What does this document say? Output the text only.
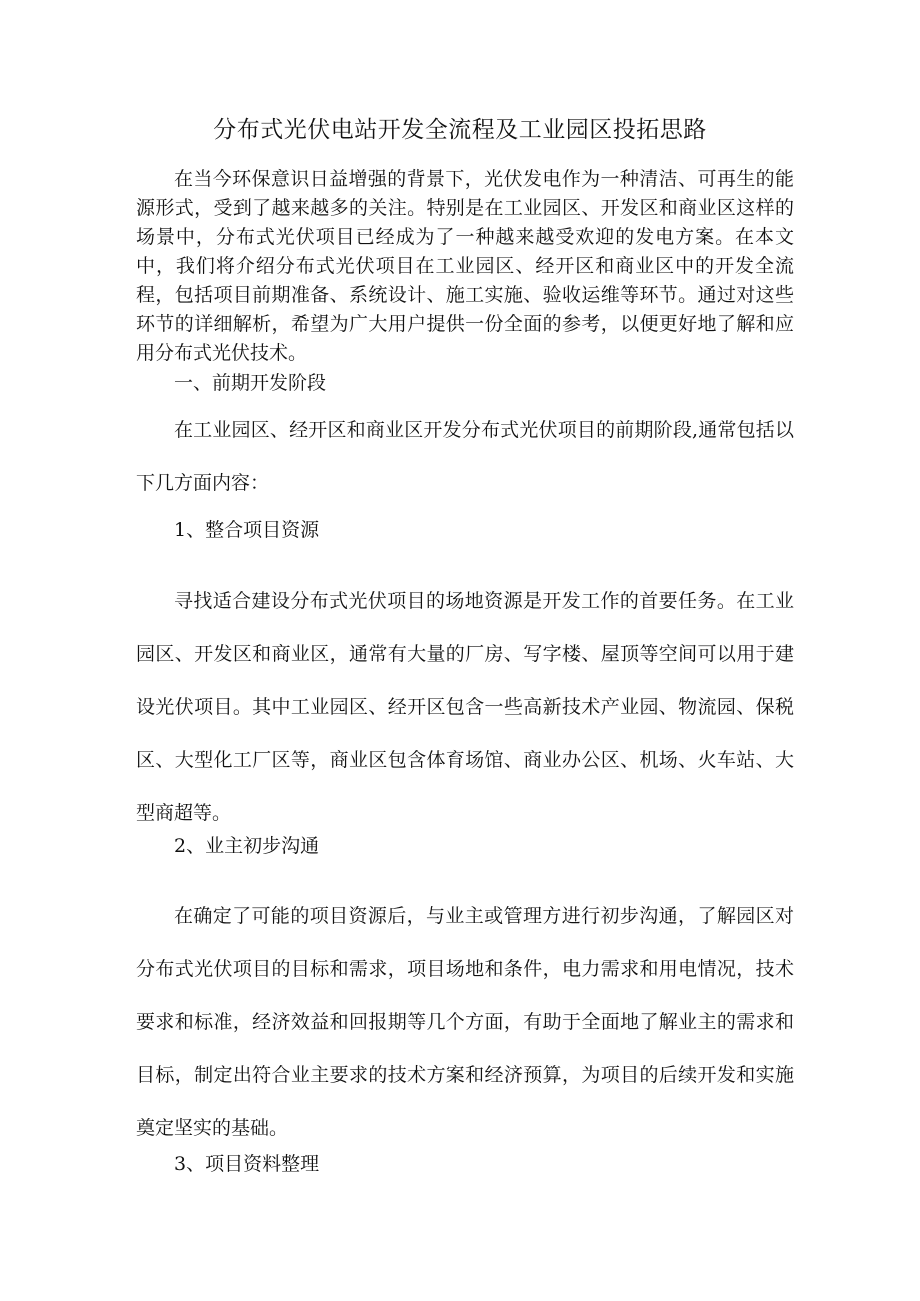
分布式光伏电站开发全流程及工业园区投拓思路

在当今环保意识日益增强的背景下，光伏发电作为一种清洁、可再生的能源形式，受到了越来越多的关注。特别是在工业园区、开发区和商业区这样的场景中，分布式光伏项目已经成为了一种越来越受欢迎的发电方案。在本文中，我们将介绍分布式光伏项目在工业园区、经开区和商业区中的开发全流程，包括项目前期准备、系统设计、施工实施、验收运维等环节。通过对这些环节的详细解析，希望为广大用户提供一份全面的参考，以便更好地了解和应用分布式光伏技术。

一、前期开发阶段

在工业园区、经开区和商业区开发分布式光伏项目的前期阶段,通常包括以下几方面内容：

1、整合项目资源

寻找适合建设分布式光伏项目的场地资源是开发工作的首要任务。在工业园区、开发区和商业区，通常有大量的厂房、写字楼、屋顶等空间可以用于建设光伏项目。其中工业园区、经开区包含一些高新技术产业园、物流园、保税区、大型化工厂区等，商业区包含体育场馆、商业办公区、机场、火车站、大型商超等。

2、业主初步沟通

在确定了可能的项目资源后，与业主或管理方进行初步沟通，了解园区对分布式光伏项目的目标和需求，项目场地和条件，电力需求和用电情况，技术要求和标准，经济效益和回报期等几个方面，有助于全面地了解业主的需求和目标，制定出符合业主要求的技术方案和经济预算，为项目的后续开发和实施奠定坚实的基础。

3、项目资料整理
